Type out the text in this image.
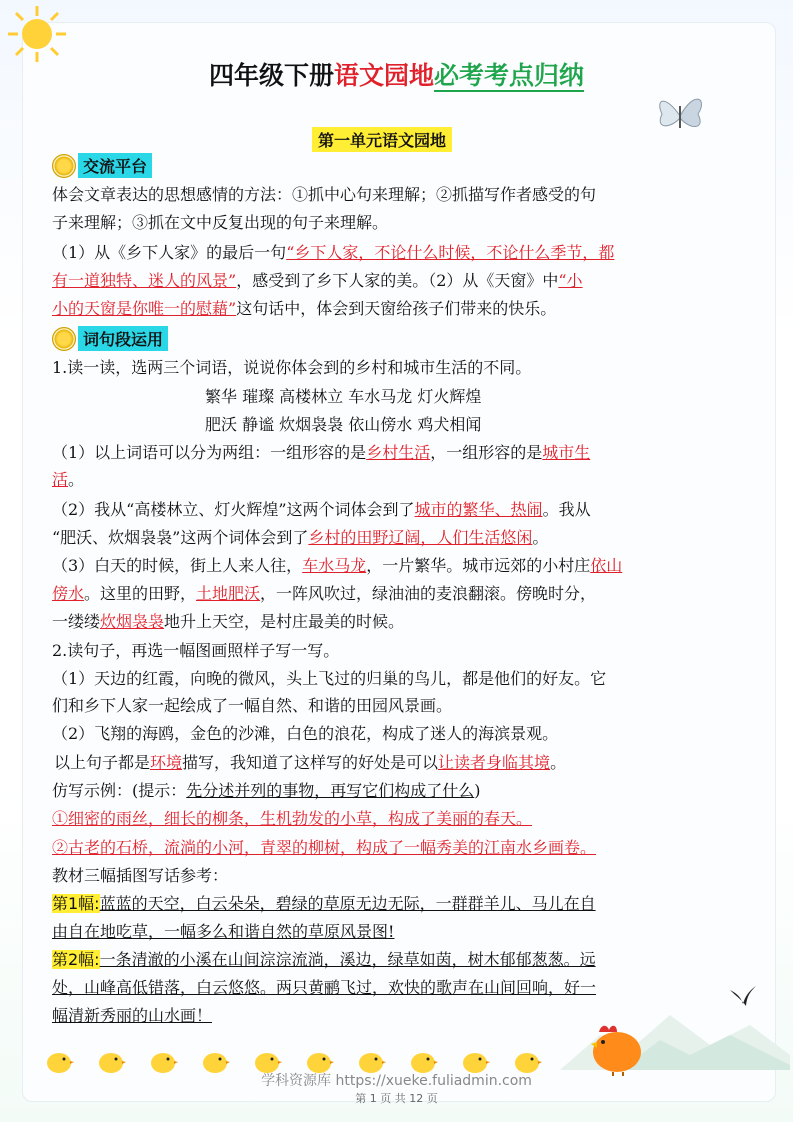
四年级下册语文园地必考考点归纳
第一单元语文园地
交流平台
体会文章表达的思想感情的方法：①抓中心句来理解；②抓描写作者感受的句
子来理解；③抓在文中反复出现的句子来理解。
（1）从《乡下人家》的最后一句“乡下人家，不论什么时候，不论什么季节，都
有一道独特、迷人的风景”，感受到了乡下人家的美。（2）从《天窗》中“小
小的天窗是你唯一的慰藉”这句话中，体会到天窗给孩子们带来的快乐。
词句段运用
1.读一读，选两三个词语，说说你体会到的乡村和城市生活的不同。
繁华 璀璨 高楼林立 车水马龙 灯火辉煌
肥沃 静谧 炊烟袅袅 依山傍水 鸡犬相闻
（1）以上词语可以分为两组：一组形容的是乡村生活，一组形容的是城市生
活。
（2）我从“高楼林立、灯火辉煌”这两个词体会到了城市的繁华、热闹。我从
“肥沃、炊烟袅袅”这两个词体会到了乡村的田野辽阔，人们生活悠闲。
（3）白天的时候，街上人来人往，车水马龙，一片繁华。城市远郊的小村庄依山
傍水。这里的田野，土地肥沃，一阵风吹过，绿油油的麦浪翻滚。傍晚时分，
一缕缕炊烟袅袅地升上天空，是村庄最美的时候。
2.读句子，再选一幅图画照样子写一写。
（1）天边的红霞，向晚的微风，头上飞过的归巢的鸟儿，都是他们的好友。它
们和乡下人家一起绘成了一幅自然、和谐的田园风景画。
（2）飞翔的海鸥，金色的沙滩，白色的浪花，构成了迷人的海滨景观。
以上句子都是环境描写，我知道了这样写的好处是可以让读者身临其境。
仿写示例：(提示：先分述并列的事物，再写它们构成了什么)
①细密的雨丝，细长的柳条，生机勃发的小草，构成了美丽的春天。
②古老的石桥，流淌的小河，青翠的柳树，构成了一幅秀美的江南水乡画卷。
教材三幅插图写话参考：
第1幅:蓝蓝的天空，白云朵朵，碧绿的草原无边无际，一群群羊儿、马儿在自
由自在地吃草，一幅多么和谐自然的草原风景图!
第2幅:一条清澈的小溪在山间淙淙流淌，溪边，绿草如茵，树木郁郁葱葱。远
处，山峰高低错落，白云悠悠。两只黄鹂飞过，欢快的歌声在山间回响，好一
幅清新秀丽的山水画！
学科资源库 https://xueke.fuliadmin.com
第 1 页 共 12 页
